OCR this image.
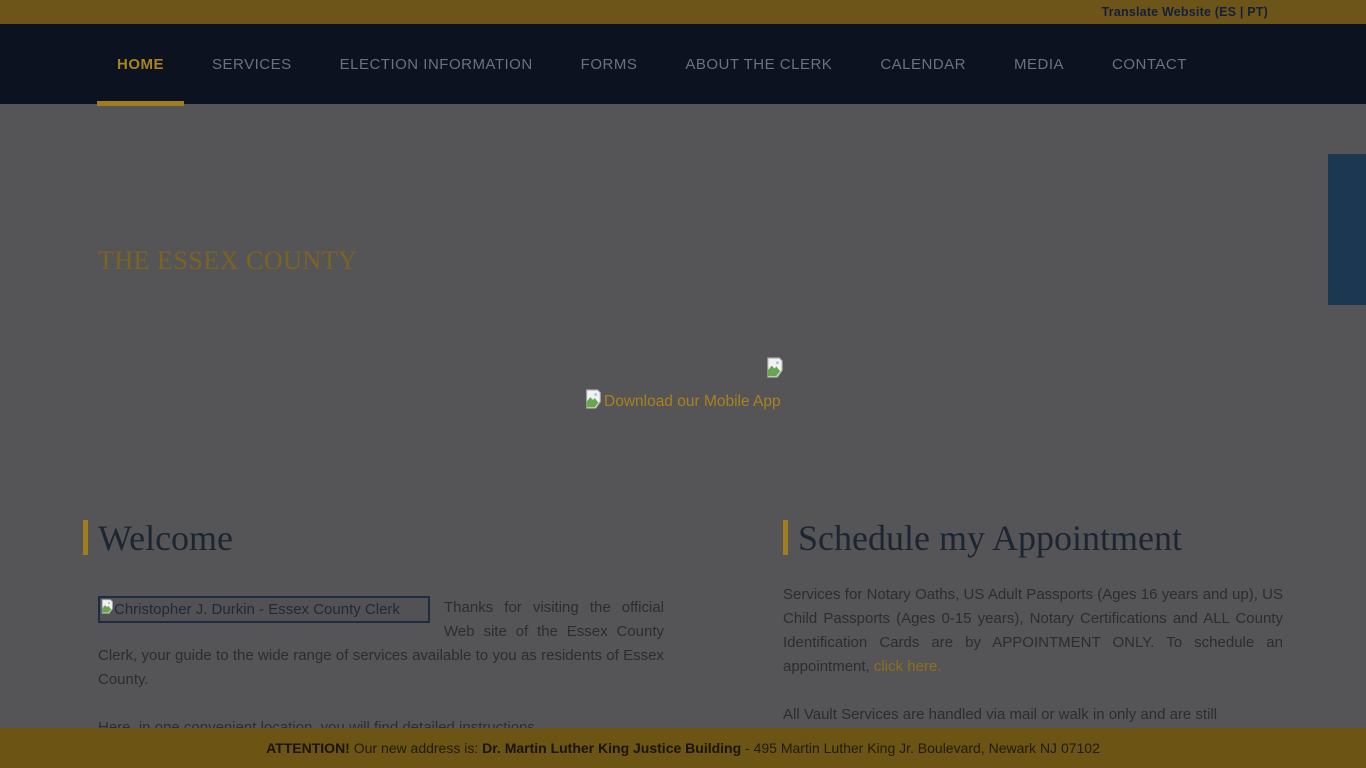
Translate Website (ES | PT)
HOME	SERVICES	ELECTION INFORMATION	FORMS	ABOUT THE CLERK	CALENDAR	MEDIA	CONTACT
THE ESSEX COUNTY
Download our Mobile App
Welcome
Christopher J. Durkin - Essex County Clerk	Thanks for visiting the official Web site of the Essex County Clerk, your guide to the wide range of services available to you as residents of Essex County.

Schedule my Appointment

Services for Notary Oaths, US Adult Passports (Ages 16 years and up), US Child Passports (Ages 0-15 years), Notary Certifications and ALL County Identification Cards are by APPOINTMENT ONLY. To schedule an appointment, click here.

All Vault Services are handled via mail or walk in only and are still

ATTENTION! Our new address is: Dr. Martin Luther King Justice Building - 495 Martin Luther King Jr. Boulevard, Newark NJ 07102
